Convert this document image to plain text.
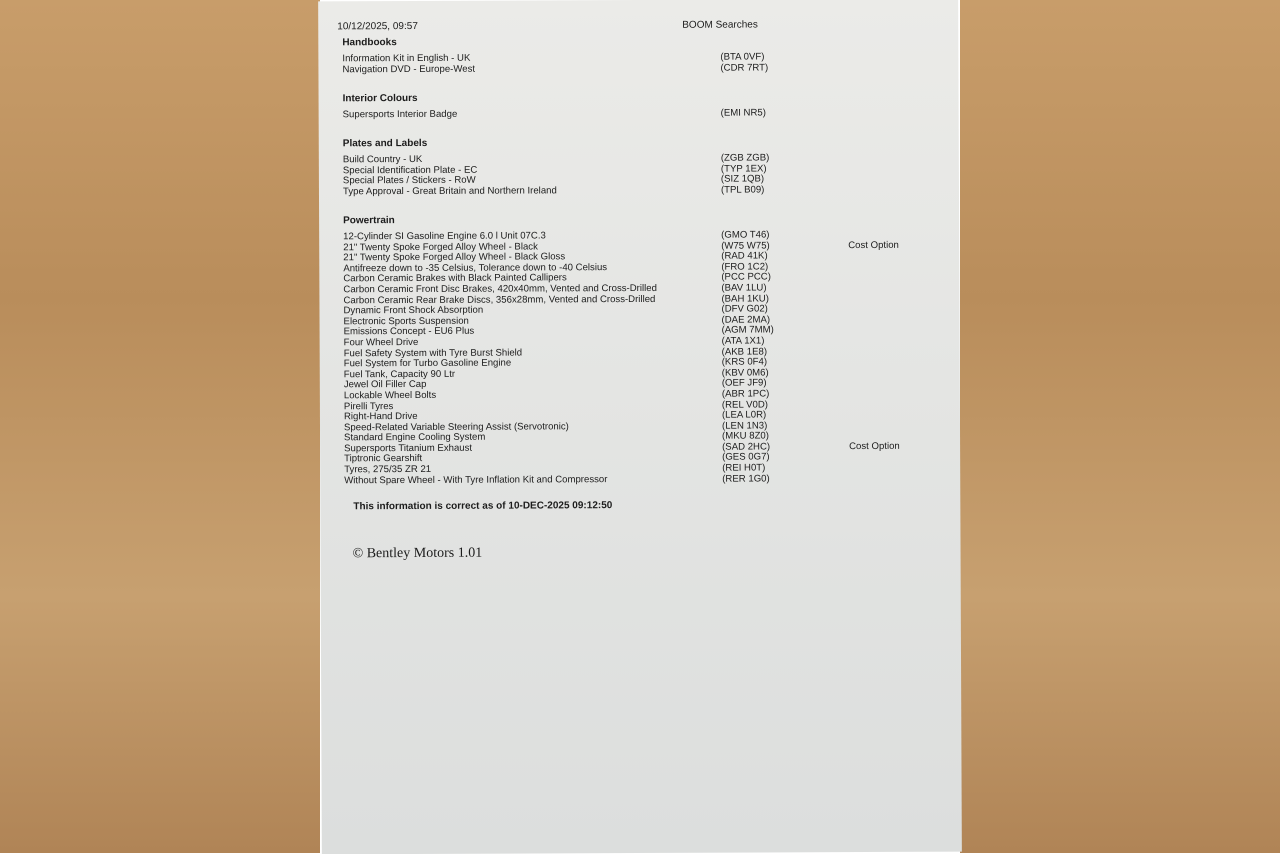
10/12/2025, 09:57	BOOM Searches
Handbooks
Information Kit in English - UK	(BTA 0VF)
Navigation DVD - Europe-West	(CDR 7RT)
Interior Colours
Supersports Interior Badge	(EMI NR5)
Plates and Labels
Build Country - UK	(ZGB ZGB)
Special Identification Plate - EC	(TYP 1EX)
Special Plates / Stickers - RoW	(SIZ 1QB)
Type Approval - Great Britain and Northern Ireland	(TPL B09)
Powertrain
12-Cylinder SI Gasoline Engine 6.0 l Unit 07C.3	(GMO T46)
21" Twenty Spoke Forged Alloy Wheel - Black	(W75 W75)	Cost Option
21" Twenty Spoke Forged Alloy Wheel - Black Gloss	(RAD 41K)
Antifreeze down to -35 Celsius, Tolerance down to -40 Celsius	(FRO 1C2)
Carbon Ceramic Brakes with Black Painted Callipers	(PCC PCC)
Carbon Ceramic Front Disc Brakes, 420x40mm, Vented and Cross-Drilled	(BAV 1LU)
Carbon Ceramic Rear Brake Discs, 356x28mm, Vented and Cross-Drilled	(BAH 1KU)
Dynamic Front Shock Absorption	(DFV G02)
Electronic Sports Suspension	(DAE 2MA)
Emissions Concept - EU6 Plus	(AGM 7MM)
Four Wheel Drive	(ATA 1X1)
Fuel Safety System with Tyre Burst Shield	(AKB 1E8)
Fuel System for Turbo Gasoline Engine	(KRS 0F4)
Fuel Tank, Capacity 90 Ltr	(KBV 0M6)
Jewel Oil Filler Cap	(OEF JF9)
Lockable Wheel Bolts	(ABR 1PC)
Pirelli Tyres	(REL V0D)
Right-Hand Drive	(LEA L0R)
Speed-Related Variable Steering Assist (Servotronic)	(LEN 1N3)
Standard Engine Cooling System	(MKU 8Z0)
Supersports Titanium Exhaust	(SAD 2HC)	Cost Option
Tiptronic Gearshift	(GES 0G7)
Tyres, 275/35 ZR 21	(REI H0T)
Without Spare Wheel - With Tyre Inflation Kit and Compressor	(RER 1G0)
This information is correct as of 10-DEC-2025 09:12:50
© Bentley Motors 1.01
